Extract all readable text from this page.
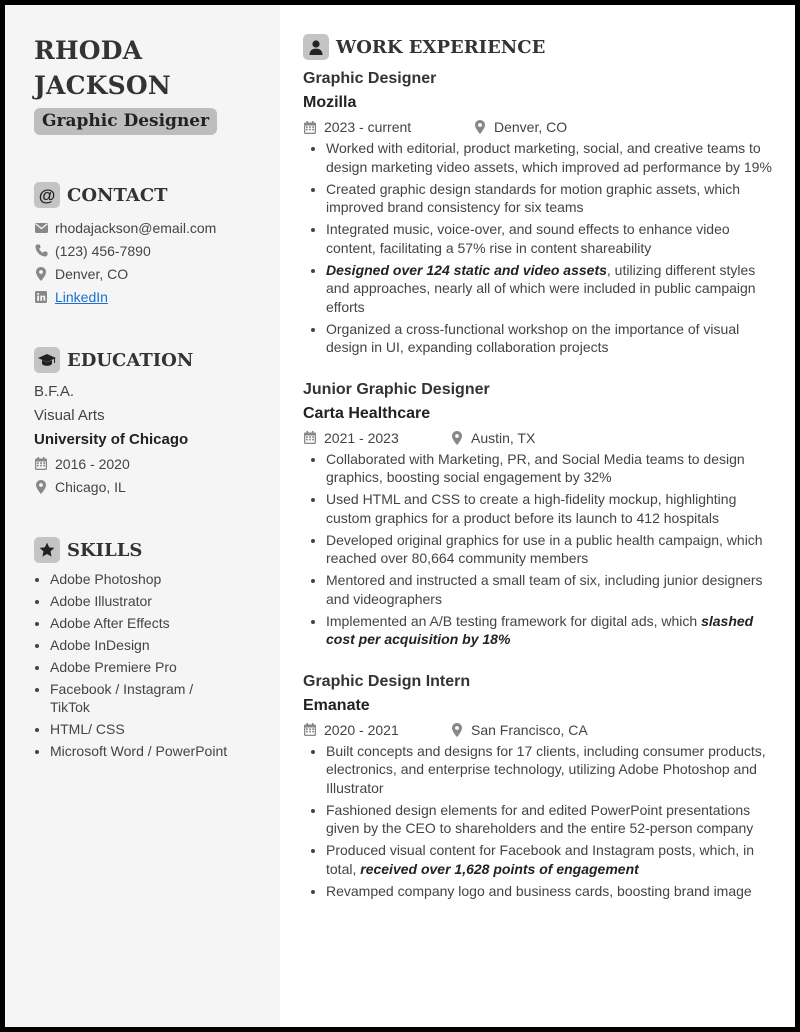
RHODA
JACKSON
Graphic Designer
@ CONTACT
rhodajackson@email.com
(123) 456-7890
Denver, CO
LinkedIn
EDUCATION
B.F.A.
Visual Arts
University of Chicago
2016 - 2020
Chicago, IL
SKILLS
• Adobe Photoshop
• Adobe Illustrator
• Adobe After Effects
• Adobe InDesign
• Adobe Premiere Pro
• Facebook / Instagram / TikTok
• HTML/ CSS
• Microsoft Word / PowerPoint
WORK EXPERIENCE
Graphic Designer
Mozilla
2023 - current	Denver, CO
• Worked with editorial, product marketing, social, and creative teams to design marketing video assets, which improved ad performance by 19%
• Created graphic design standards for motion graphic assets, which improved brand consistency for six teams
• Integrated music, voice-over, and sound effects to enhance video content, facilitating a 57% rise in content shareability
• Designed over 124 static and video assets, utilizing different styles and approaches, nearly all of which were included in public campaign efforts
• Organized a cross-functional workshop on the importance of visual design in UI, expanding collaboration projects
Junior Graphic Designer
Carta Healthcare
2021 - 2023	Austin, TX
• Collaborated with Marketing, PR, and Social Media teams to design graphics, boosting social engagement by 32%
• Used HTML and CSS to create a high-fidelity mockup, highlighting custom graphics for a product before its launch to 412 hospitals
• Developed original graphics for use in a public health campaign, which reached over 80,664 community members
• Mentored and instructed a small team of six, including junior designers and videographers
• Implemented an A/B testing framework for digital ads, which slashed cost per acquisition by 18%
Graphic Design Intern
Emanate
2020 - 2021	San Francisco, CA
• Built concepts and designs for 17 clients, including consumer products, electronics, and enterprise technology, utilizing Adobe Photoshop and Illustrator
• Fashioned design elements for and edited PowerPoint presentations given by the CEO to shareholders and the entire 52-person company
• Produced visual content for Facebook and Instagram posts, which, in total, received over 1,628 points of engagement
• Revamped company logo and business cards, boosting brand image
